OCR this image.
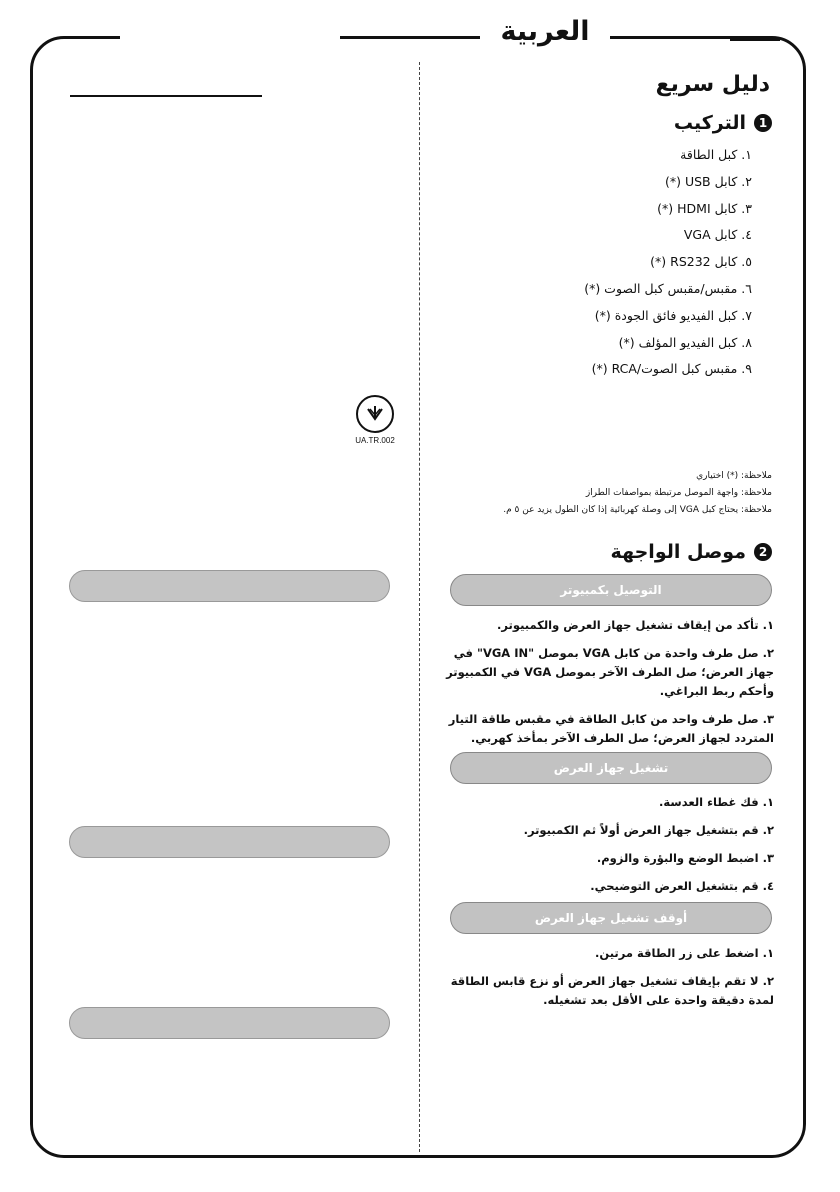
العربية
UA.TR.002
دليل سريع
1
التركيب
١. كبل الطاقة
٢. كابل USB (*)
٣. كابل HDMI (*)
٤. كابل VGA
٥. كابل RS232 (*)
٦. مقبس/مقبس كبل الصوت (*)
٧. كبل الفيديو فائق الجودة (*)
٨. كبل الفيديو المؤلف (*)
٩. مقبس كبل الصوت/RCA (*)
ملاحظة: (*) اختياري
ملاحظة: واجهة الموصل مرتبطة بمواصفات الطراز
ملاحظة: يحتاج كبل VGA إلى وصلة كهربائية إذا كان الطول يزيد عن ٥ م.
2
موصل الواجهة
التوصيل بكمبيوتر
١. تأكد من إيقاف تشغيل جهاز العرض والكمبيوتر.
٢. صل طرف واحدة من كابل VGA بموصل "VGA IN" في جهاز العرض؛ صل الطرف الآخر بموصل VGA في الكمبيوتر وأحكم ربط البراغي.
٣. صل طرف واحد من كابل الطاقة في مقبس طاقة التيار المتردد لجهاز العرض؛ صل الطرف الآخر بمأخذ كهربي.
تشغيل جهاز العرض
١. فك غطاء العدسة.
٢. قم بتشغيل جهاز العرض أولاً ثم الكمبيوتر.
٣. اضبط الوضع والبؤرة والزوم.
٤. قم بتشغيل العرض التوضيحي.
أوقف تشغيل جهاز العرض
١. اضغط على زر الطاقة مرتين.
٢. لا تقم بإيقاف تشغيل جهاز العرض أو نزع قابس الطاقة لمدة دقيقة واحدة على الأقل بعد تشغيله.
